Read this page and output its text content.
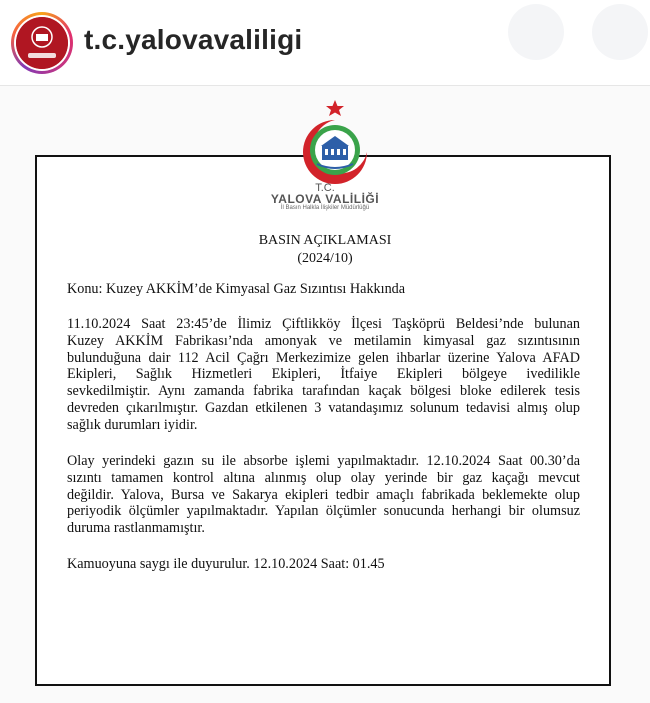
t.c.yalovavaliligi
T.C.
YALOVA VALİLİĞİ
İl Basın Halkla İlişkiler Müdürlüğü
BASIN AÇIKLAMASI
(2024/10)
Konu: Kuzey AKKİM’de Kimyasal Gaz Sızıntısı Hakkında
11.10.2024 Saat 23:45’de İlimiz Çiftlikköy İlçesi Taşköprü Beldesi’nde bulunan
Kuzey AKKİM Fabrikası’nda amonyak ve metilamin kimyasal gaz sızıntısının
bulunduğuna dair 112 Acil Çağrı Merkezimize gelen ihbarlar üzerine Yalova AFAD
Ekipleri, Sağlık Hizmetleri Ekipleri, İtfaiye Ekipleri bölgeye ivedilikle
sevkedilmiştir. Aynı zamanda fabrika tarafından kaçak bölgesi bloke edilerek tesis
devreden çıkarılmıştır. Gazdan etkilenen 3 vatandaşımız solunum tedavisi almış olup
sağlık durumları iyidir.
Olay yerindeki gazın su ile absorbe işlemi yapılmaktadır. 12.10.2024 Saat 00.30’da
sızıntı tamamen kontrol altına alınmış olup olay yerinde bir gaz kaçağı mevcut
değildir. Yalova, Bursa ve Sakarya ekipleri tedbir amaçlı fabrikada beklemekte olup
periyodik ölçümler yapılmaktadır. Yapılan ölçümler sonucunda herhangi bir olumsuz
duruma rastlanmamıştır.
Kamuoyuna saygı ile duyurulur. 12.10.2024 Saat: 01.45
